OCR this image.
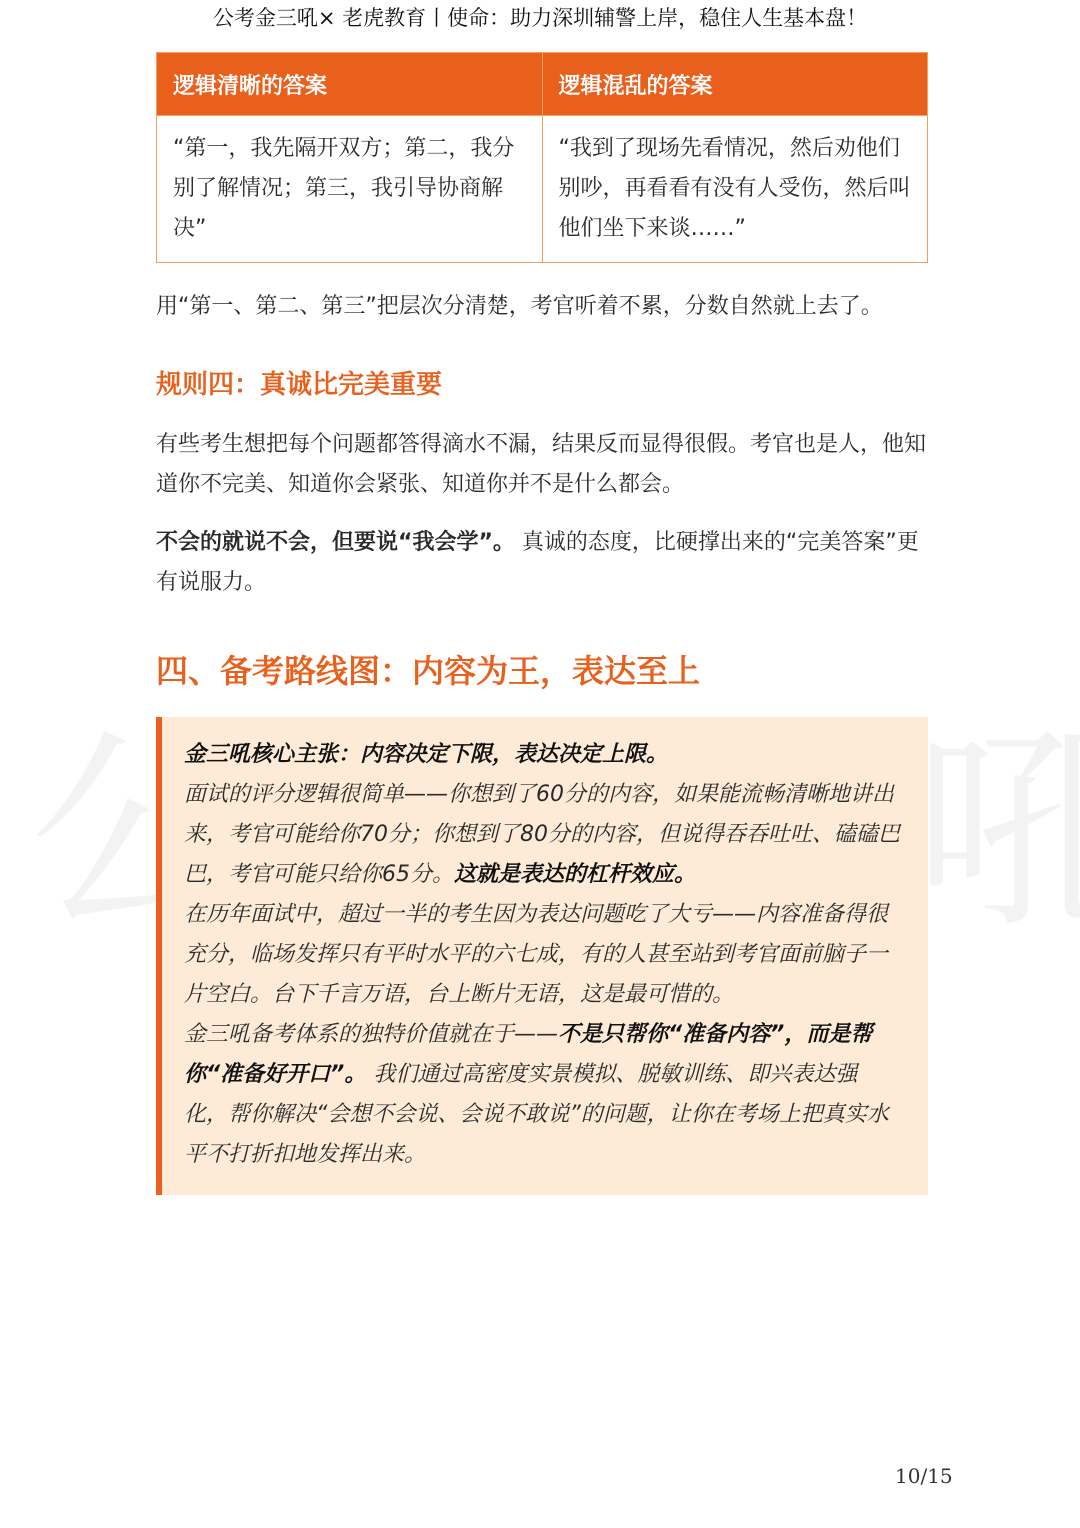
公考金三吼× 老虎教育丨使命：助力深圳辅警上岸，稳住人生基本盘！
逻辑清晰的答案	逻辑混乱的答案
“第一，我先隔开双方；第二，我分别了解情况；第三，我引导协商解决”	“我到了现场先看情况，然后劝他们别吵，再看看有没有人受伤，然后叫他们坐下来谈……”

用“第一、第二、第三”把层次分清楚，考官听着不累，分数自然就上去了。

规则四：真诚比完美重要

有些考生想把每个问题都答得滴水不漏，结果反而显得很假。考官也是人，他知道你不完美、知道你会紧张、知道你并不是什么都会。

不会的就说不会，但要说“我会学”。 真诚的态度，比硬撑出来的“完美答案”更有说服力。

四、备考路线图：内容为王，表达至上
金三吼核心主张：内容决定下限，表达决定上限。
面试的评分逻辑很简单——你想到了60分的内容，如果能流畅清晰地讲出来，考官可能给你70分；你想到了80分的内容，但说得吞吞吐吐、磕磕巴巴，考官可能只给你65分。这就是表达的杠杆效应。
在历年面试中，超过一半的考生因为表达问题吃了大亏——内容准备得很充分，临场发挥只有平时水平的六七成，有的人甚至站到考官面前脑子一片空白。台下千言万语，台上断片无语，这是最可惜的。
金三吼备考体系的独特价值就在于——不是只帮你“准备内容”，而是帮你“准备好开口”。 我们通过高密度实景模拟、脱敏训练、即兴表达强化，帮你解决“会想不会说、会说不敢说”的问题，让你在考场上把真实水平不打折扣地发挥出来。
10/15
